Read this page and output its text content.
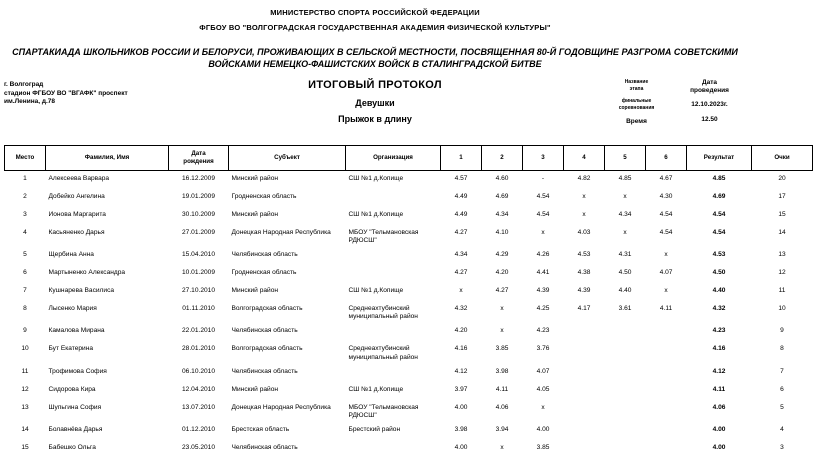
МИНИСТЕРСТВО СПОРТА РОССИЙСКОЙ ФЕДЕРАЦИИ
ФГБОУ ВО "ВОЛГОГРАДСКАЯ ГОСУДАРСТВЕННАЯ АКАДЕМИЯ ФИЗИЧЕСКОЙ КУЛЬТУРЫ"
СПАРТАКИАДА ШКОЛЬНИКОВ РОССИИ И БЕЛОРУСИ, ПРОЖИВАЮЩИХ В СЕЛЬСКОЙ МЕСТНОСТИ, ПОСВЯЩЕННАЯ 80-Й ГОДОВЩИНЕ РАЗГРОМА СОВЕТСКИМИ
ВОЙСКАМИ НЕМЕЦКО-ФАШИСТСКИХ ВОЙСК В СТАЛИНГРАДСКОЙ БИТВЕ
г. Волгоград
стадион ФГБОУ ВО "ВГАФК" проспект
им.Ленина, д.78
ИТОГОВЫЙ ПРОТОКОЛ
Девушки
Прыжок в длину
Название
этапа
финальные
соревнования
Время
Дата
проведения
12.10.2023г.
12.50
Место	Фамилия, Имя	Дата
рождения	Субъект	Организация	1	2	3	4	5	6	Результат	Очки
1	Алексеева Варвара	16.12.2009	Минский район	СШ №1 д.Копище	4.57	4.60	-	4.82	4.85	4.67	4.85	20
2	Добейко Ангелина	19.01.2009	Гродненская область		4.49	4.69	4.54	x	x	4.30	4.69	17
3	Ионова Маргарита	30.10.2009	Минский район	СШ №1 д.Копище	4.49	4.34	4.54	x	4.34	4.54	4.54	15
4	Касьяненко Дарья	27.01.2009	Донецкая Народная Республика	МБОУ "Тельмановская РДЮСШ"	4.27	4.10	x	4.03	x	4.54	4.54	14
5	Щербина Анна	15.04.2010	Челябинская область		4.34	4.29	4.26	4.53	4.31	x	4.53	13
6	Мартыненко Александра	10.01.2009	Гродненская область		4.27	4.20	4.41	4.38	4.50	4.07	4.50	12
7	Кушнарева Василиса	27.10.2010	Минский район	СШ №1 д.Копище	x	4.27	4.39	4.39	4.40	x	4.40	11
8	Лысенко Мария	01.11.2010	Волгоградская область	Среднеахтубинский муниципальный район	4.32	x	4.25	4.17	3.61	4.11	4.32	10
9	Камалова Мирана	22.01.2010	Челябинская область		4.20	x	4.23				4.23	9
10	Бут Екатерина	28.01.2010	Волгоградская область	Среднеахтубинский муниципальный район	4.16	3.85	3.76				4.16	8
11	Трофимова София	06.10.2010	Челябинская область		4.12	3.98	4.07				4.12	7
12	Сидорова Кира	12.04.2010	Минский район	СШ №1 д.Копище	3.97	4.11	4.05				4.11	6
13	Шупьгина София	13.07.2010	Донецкая Народная Республика	МБОУ "Тельмановская РДЮСШ"	4.00	4.06	x				4.06	5
14	Болавнёва Дарья	01.12.2010	Брестская область	Брестский район	3.98	3.94	4.00				4.00	4
15	Бабешко Ольга	23.05.2010	Челябинская область		4.00	x	3.85				4.00	3
